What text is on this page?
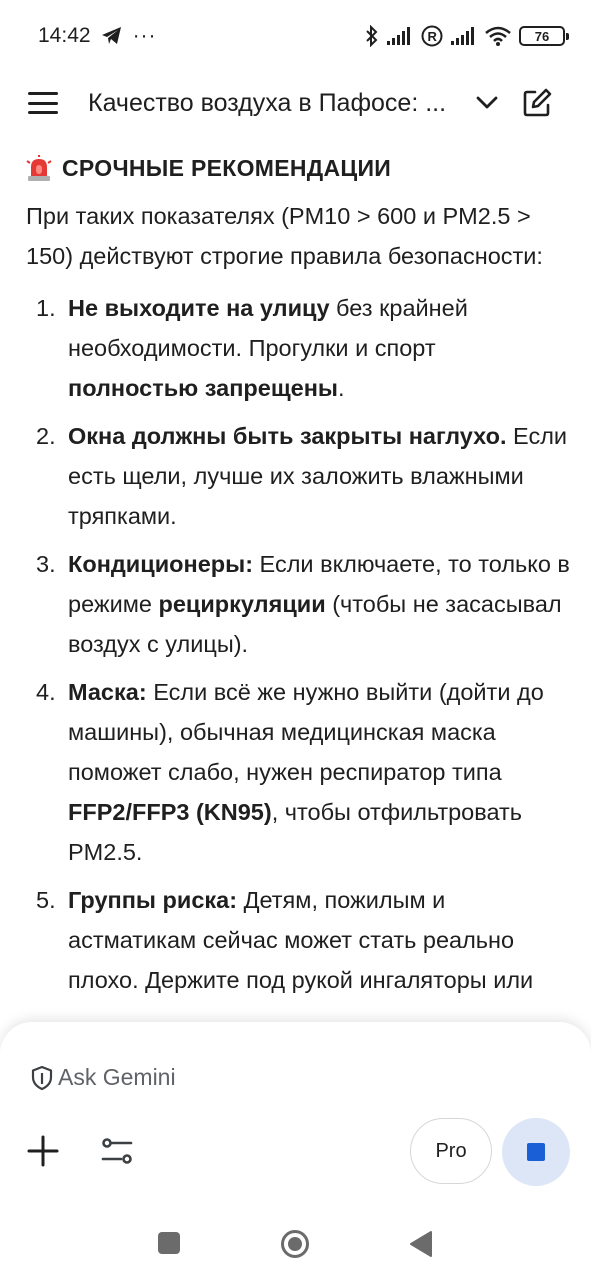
14:42 ···	R	76
Качество воздуха в Пафосе: ...
СРОЧНЫЕ РЕКОМЕНДАЦИИ

При таких показателях (PM10 > 600 и PM2.5 > 150) действуют строгие правила безопасности:

1. Не выходите на улицу без крайней необходимости. Прогулки и спорт полностью запрещены.
2. Окна должны быть закрыты наглухо. Если есть щели, лучше их заложить влажными тряпками.
3. Кондиционеры: Если включаете, то только в режиме рециркуляции (чтобы не засасывал воздух с улицы).
4. Маска: Если всё же нужно выйти (дойти до машины), обычная медицинская маска поможет слабо, нужен респиратор типа FFP2/FFP3 (KN95), чтобы отфильтровать PM2.5.
5. Группы риска: Детям, пожилым и астматикам сейчас может стать реально плохо. Держите под рукой ингаляторы или
Ask Gemini
Pro
